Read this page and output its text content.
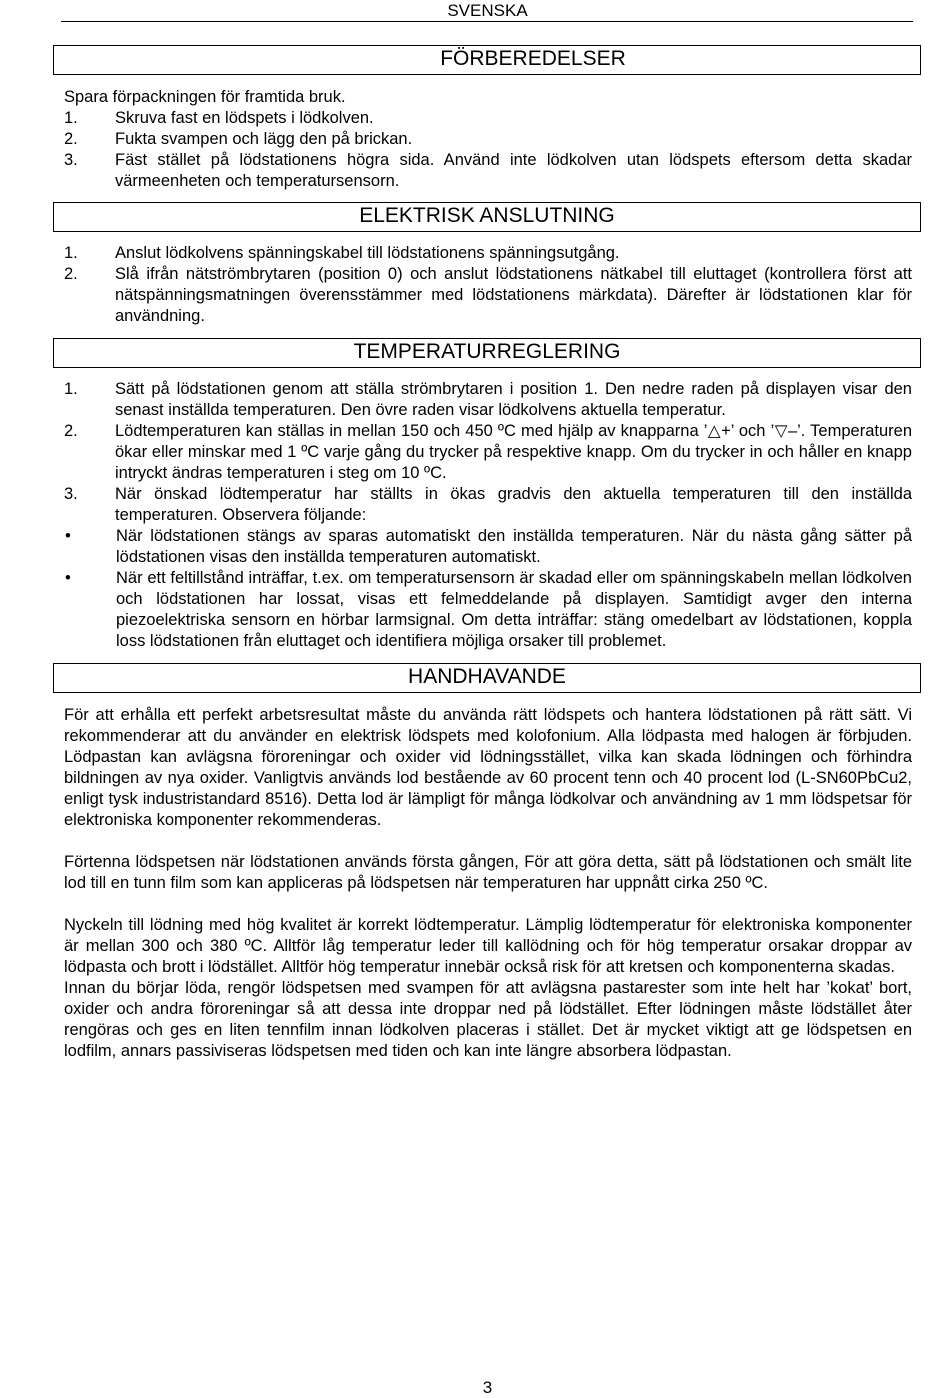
SVENSKA
FÖRBEREDELSER
Spara förpackningen för framtida bruk.
1.	Skruva fast en lödspets i lödkolven.
2.	Fukta svampen och lägg den på brickan.
3.	Fäst stället på lödstationens högra sida. Använd inte lödkolven utan lödspets eftersom detta skadar värmeenheten och temperatursensorn.
ELEKTRISK ANSLUTNING
1.	Anslut lödkolvens spänningskabel till lödstationens spänningsutgång.
2.	Slå ifrån nätströmbrytaren (position 0) och anslut lödstationens nätkabel till eluttaget (kontrollera först att nätspänningsmatningen överensstämmer med lödstationens märkdata). Därefter är lödstationen klar för användning.
TEMPERATURREGLERING
1.	Sätt på lödstationen genom att ställa strömbrytaren i position 1. Den nedre raden på displayen visar den senast inställda temperaturen. Den övre raden visar lödkolvens aktuella temperatur.
2.	Lödtemperaturen kan ställas in mellan 150 och 450 ºC med hjälp av knapparna ’△+’ och ’▽–’. Temperaturen ökar eller minskar med 1 ºC varje gång du trycker på respektive knapp. Om du trycker in och håller en knapp intryckt ändras temperaturen i steg om 10 ºC.
3.	När önskad lödtemperatur har ställts in ökas gradvis den aktuella temperaturen till den inställda temperaturen. Observera följande:
•	När lödstationen stängs av sparas automatiskt den inställda temperaturen. När du nästa gång sätter på lödstationen visas den inställda temperaturen automatiskt.
•	När ett feltillstånd inträffar, t.ex. om temperatursensorn är skadad eller om spänningskabeln mellan lödkolven och lödstationen har lossat, visas ett felmeddelande på displayen. Samtidigt avger den interna piezoelektriska sensorn en hörbar larmsignal. Om detta inträffar: stäng omedelbart av lödstationen, koppla loss lödstationen från eluttaget och identifiera möjliga orsaker till problemet.
HANDHAVANDE
För att erhålla ett perfekt arbetsresultat måste du använda rätt lödspets och hantera lödstationen på rätt sätt. Vi rekommenderar att du använder en elektrisk lödspets med kolofonium. Alla lödpasta med halogen är förbjuden. Lödpastan kan avlägsna föroreningar och oxider vid lödningsstället, vilka kan skada lödningen och förhindra bildningen av nya oxider. Vanligtvis används lod bestående av 60 procent tenn och 40 procent lod (L-SN60PbCu2, enligt tysk industristandard 8516). Detta lod är lämpligt för många lödkolvar och användning av 1 mm lödspetsar för elektroniska komponenter rekommenderas.
Förtenna lödspetsen när lödstationen används första gången, För att göra detta, sätt på lödstationen och smält lite lod till en tunn film som kan appliceras på lödspetsen när temperaturen har uppnått cirka 250 ºC.
Nyckeln till lödning med hög kvalitet är korrekt lödtemperatur. Lämplig lödtemperatur för elektroniska komponenter är mellan 300 och 380 ºC. Alltför låg temperatur leder till kallödning och för hög temperatur orsakar droppar av lödpasta och brott i lödstället. Alltför hög temperatur innebär också risk för att kretsen och komponenterna skadas.
Innan du börjar löda, rengör lödspetsen med svampen för att avlägsna pastarester som inte helt har ’kokat’ bort, oxider och andra föroreningar så att dessa inte droppar ned på lödstället. Efter lödningen måste lödstället åter rengöras och ges en liten tennfilm innan lödkolven placeras i stället. Det är mycket viktigt att ge lödspetsen en lodfilm, annars passiviseras lödspetsen med tiden och kan inte längre absorbera lödpastan.
3
